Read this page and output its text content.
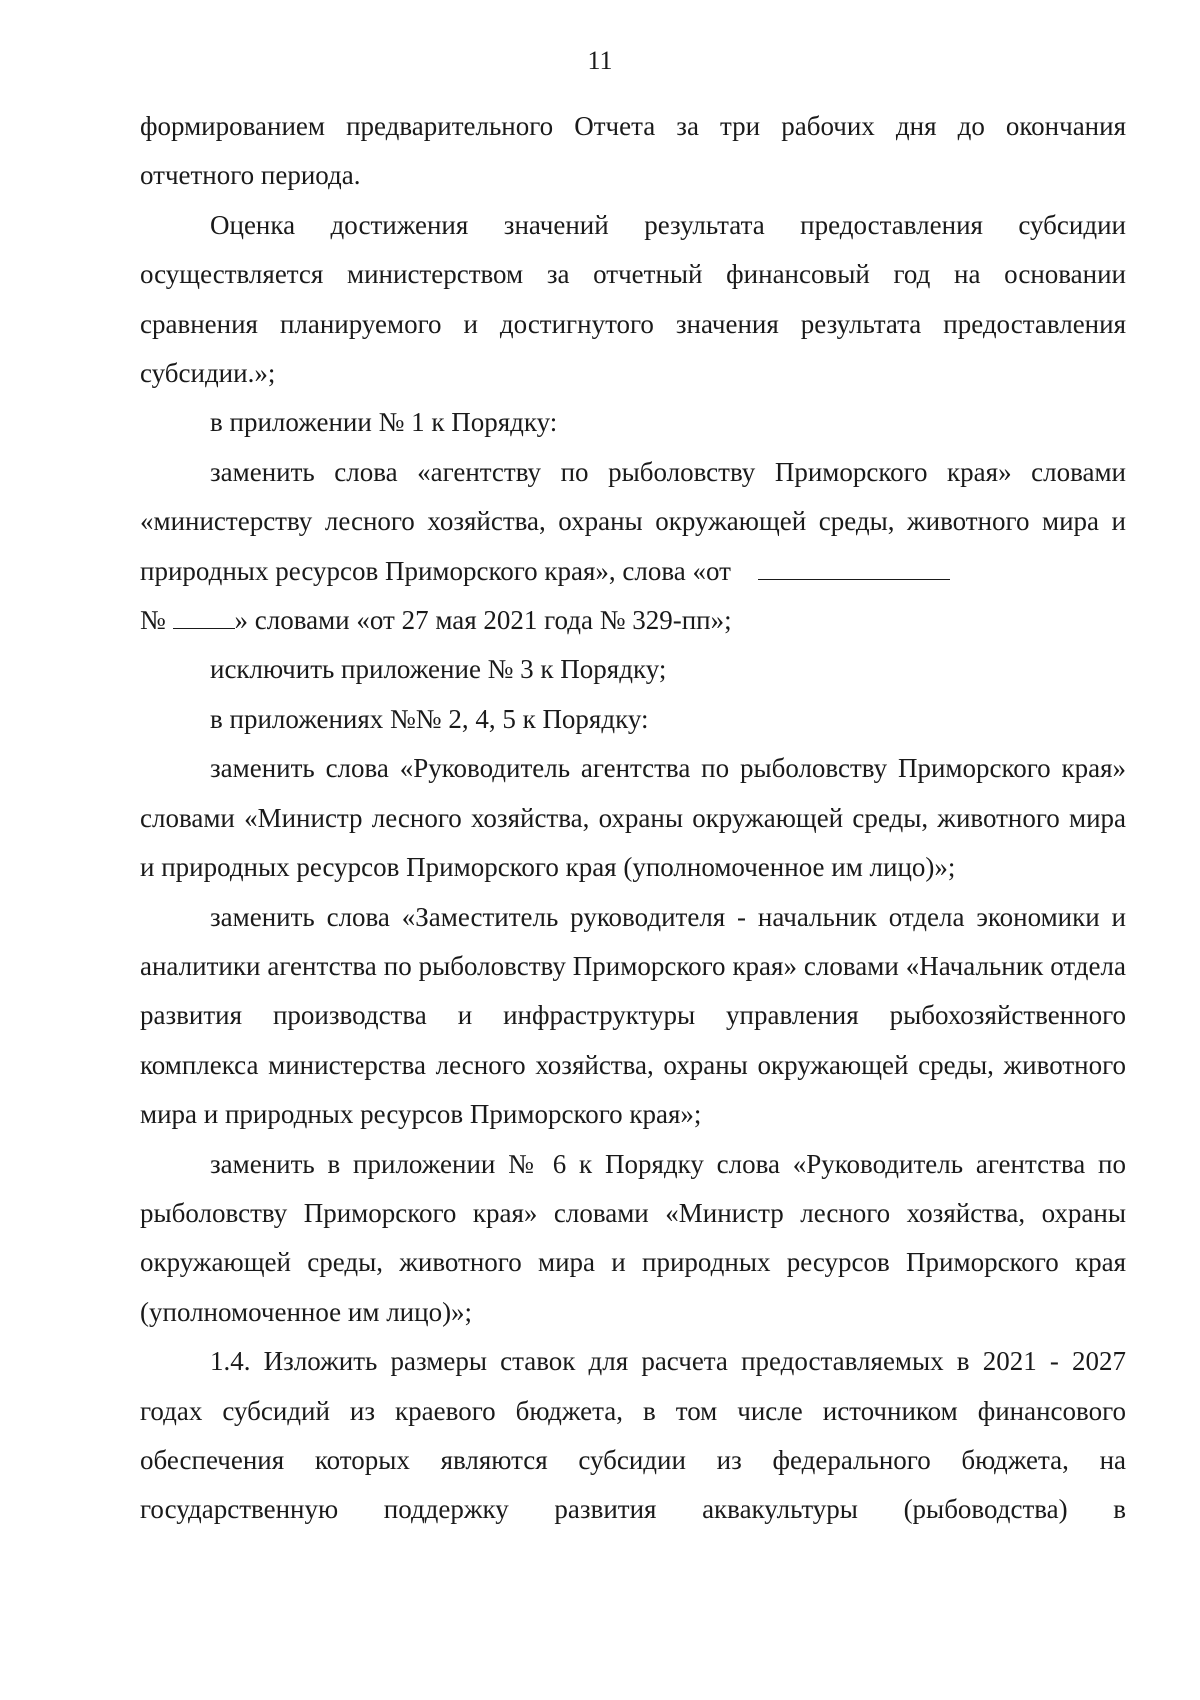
11

формированием предварительного Отчета за три рабочих дня до окончания отчетного периода.

Оценка достижения значений результата предоставления субсидии осуществляется министерством за отчетный финансовый год на основании сравнения планируемого и достигнутого значения результата предоставления субсидии.»;

в приложении № 1 к Порядку:

заменить слова «агентству по рыболовству Приморского края» словами «министерству лесного хозяйства, охраны окружающей среды, животного мира и природных ресурсов Приморского края», слова «от
№	» словами «от 27 мая 2021 года № 329-пп»;

исключить приложение № 3 к Порядку;

в приложениях №№ 2, 4, 5 к Порядку:

заменить слова «Руководитель агентства по рыболовству Приморского края» словами «Министр лесного хозяйства, охраны окружающей среды, животного мира и природных ресурсов Приморского края (уполномоченное им лицо)»;

заменить слова «Заместитель руководителя - начальник отдела экономики и аналитики агентства по рыболовству Приморского края» словами «Начальник отдела развития производства и инфраструктуры управления рыбохозяйственного комплекса министерства лесного хозяйства, охраны окружающей среды, животного мира и природных ресурсов Приморского края»;

заменить в приложении № 6 к Порядку слова «Руководитель агентства по рыболовству Приморского края» словами «Министр лесного хозяйства, охраны окружающей среды, животного мира и природных ресурсов Приморского края (уполномоченное им лицо)»;

1.4. Изложить размеры ставок для расчета предоставляемых в 2021 - 2027 годах субсидий из краевого бюджета, в том числе источником финансового обеспечения которых являются субсидии из федерального бюджета, на государственную поддержку развития аквакультуры (рыбоводства) в
